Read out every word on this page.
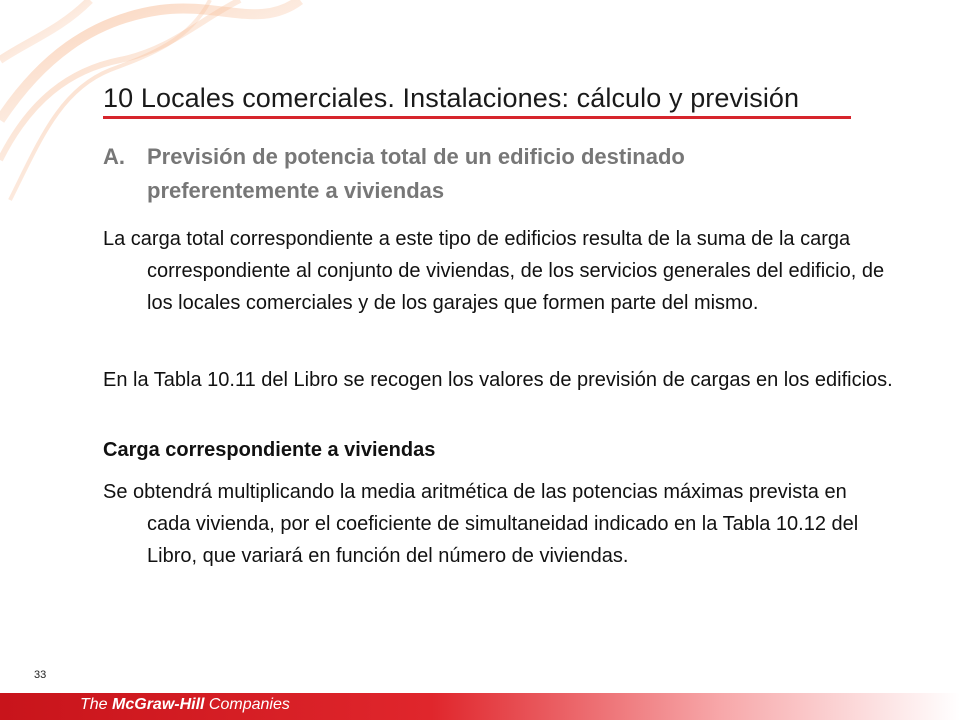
10 Locales comerciales. Instalaciones: cálculo y previsión
A. Previsión de potencia total de un edificio destinado preferentemente a viviendas
La carga total correspondiente a este tipo de edificios resulta de la suma de la carga correspondiente al conjunto de viviendas, de los servicios generales del edificio, de los locales comerciales y de los garajes que formen parte del mismo.
En la Tabla 10.11 del Libro se recogen los valores de previsión de cargas en los edificios.
Carga correspondiente a viviendas
Se obtendrá multiplicando la media aritmética de las potencias máximas prevista en cada vivienda, por el coeficiente de simultaneidad indicado en la Tabla 10.12 del Libro, que variará en función del número de viviendas.
33
The McGraw-Hill Companies
